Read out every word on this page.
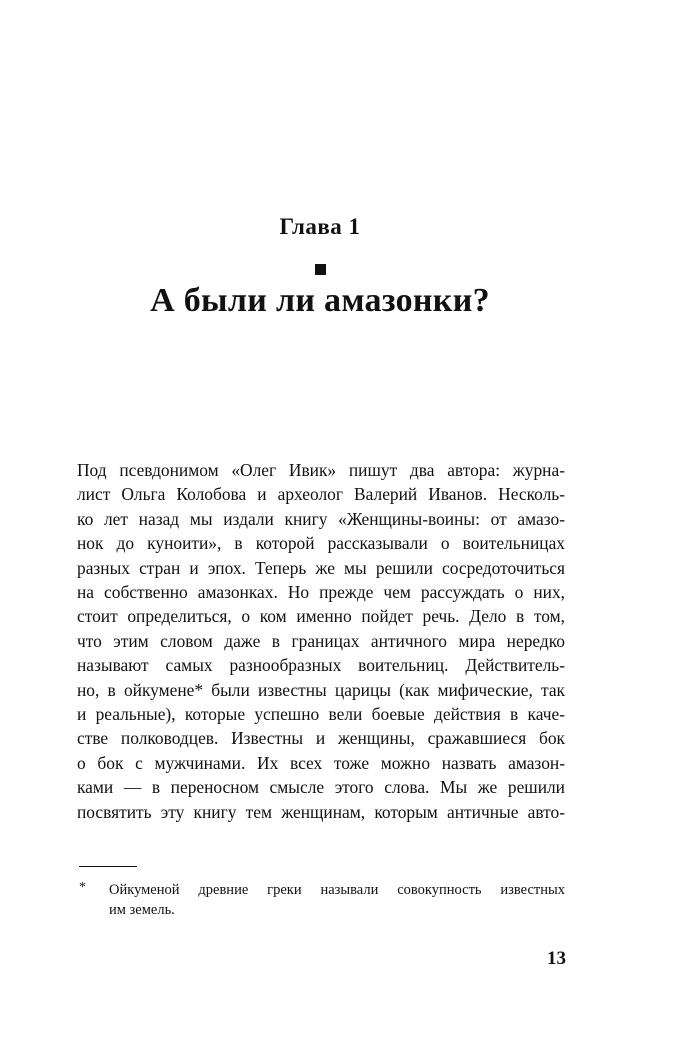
Глава 1
А были ли амазонки?
Под псевдонимом «Олег Ивик» пишут два автора: журна-
лист Ольга Колобова и археолог Валерий Иванов. Несколь-
ко лет назад мы издали книгу «Женщины-воины: от амазо-
нок до куноити», в которой рассказывали о воительницах
разных стран и эпох. Теперь же мы решили сосредоточиться
на собственно амазонках. Но прежде чем рассуждать о них,
стоит определиться, о ком именно пойдет речь. Дело в том,
что этим словом даже в границах античного мира нередко
называют самых разнообразных воительниц. Действитель-
но, в ойкумене* были известны царицы (как мифические, так
и реальные), которые успешно вели боевые действия в каче-
стве полководцев. Известны и женщины, сражавшиеся бок
о бок с мужчинами. Их всех тоже можно назвать амазон-
ками — в переносном смысле этого слова. Мы же решили
посвятить эту книгу тем женщинам, которым античные авто-
* Ойкуменой древние греки называли совокупность известных
им земель.
13
